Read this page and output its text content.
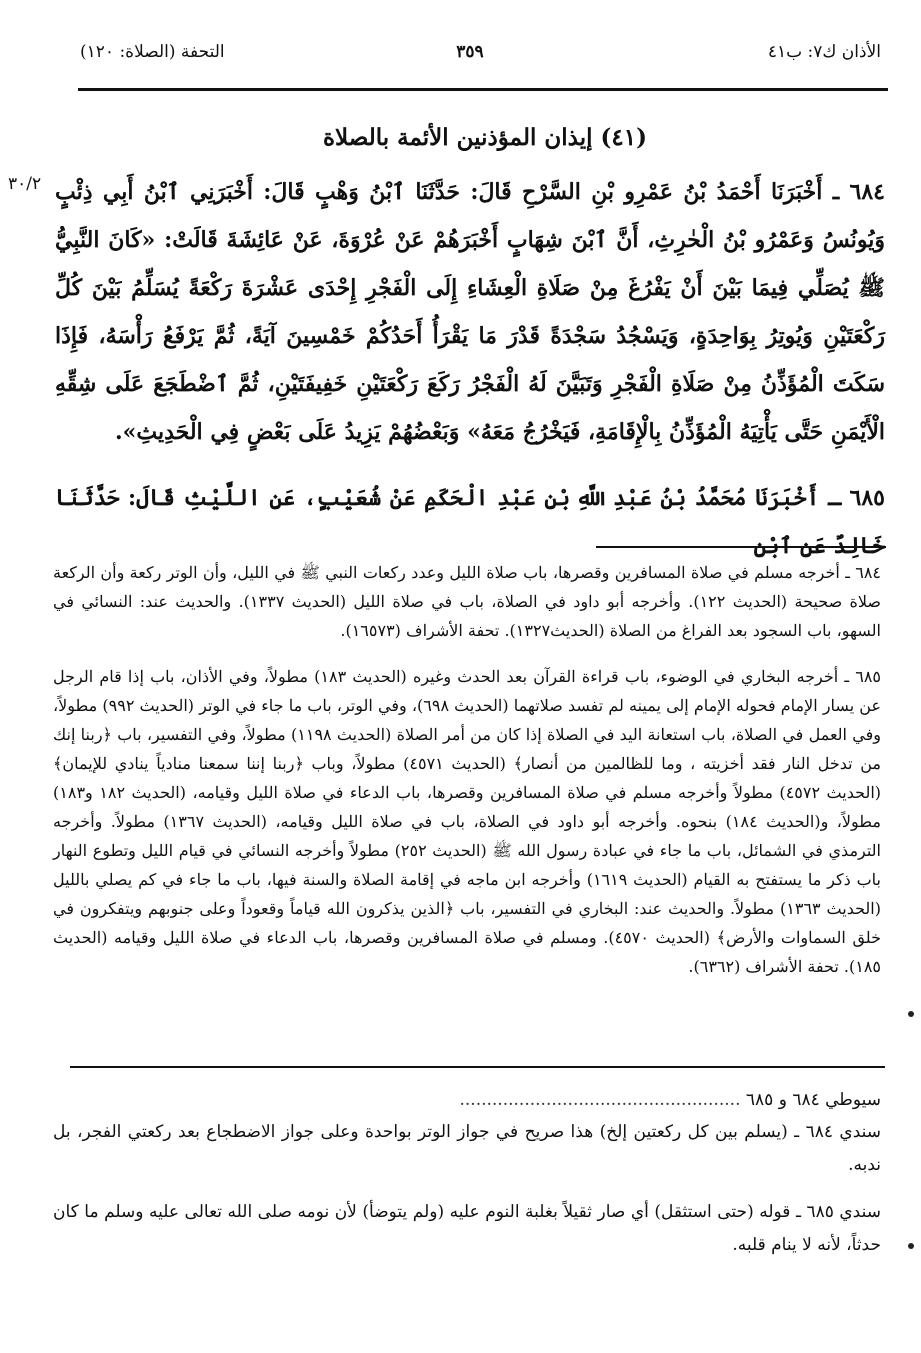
الأذان ك٧: ب٤١
٣٥٩
التحفة (الصلاة: ١٢٠)
(٤١) إيذان المؤذنين الأئمة بالصلاة
٣٠/٢	٦٨٤ ـ أَخْبَرَنَا أَحْمَدُ بْنُ عَمْرِو بْنِ السَّرْحِ قَالَ: حَدَّثَنَا ٱبْنُ وَهْبٍ قَالَ: أَخْبَرَنِي ٱبْنُ أَبِي ذِئْبٍ وَيُونُسُ وَعَمْرُو بْنُ الْحٰرِثِ، أَنَّ ٱبْنَ شِهَابٍ أَخْبَرَهُمْ عَنْ عُرْوَةَ، عَنْ عَائِشَةَ قَالَتْ: «كَانَ النَّبِيُّ ﷺ يُصَلِّي فِيمَا بَيْنَ أَنْ يَفْرُغَ مِنْ صَلَاةِ الْعِشَاءِ إِلَى الْفَجْرِ إِحْدَى عَشْرَةَ رَكْعَةً يُسَلِّمُ بَيْنَ كُلِّ رَكْعَتَيْنِ وَيُوتِرُ بِوَاحِدَةٍ، وَيَسْجُدُ سَجْدَةً قَدْرَ مَا يَقْرَأُ أَحَدُكُمْ خَمْسِينَ آيَةً، ثُمَّ يَرْفَعُ رَأْسَهُ، فَإِذَا سَكَتَ الْمُؤَذِّنُ مِنْ صَلَاةِ الْفَجْرِ وَتَبَيَّنَ لَهُ الْفَجْرُ رَكَعَ رَكْعَتَيْنِ خَفِيفَتَيْنِ، ثُمَّ ٱضْطَجَعَ عَلَى شِقِّهِ الْأَيْمَنِ حَتَّى يَأْتِيَهُ الْمُؤَذِّنُ بِالْإِقَامَةِ، فَيَخْرُجُ مَعَهُ» وَبَعْضُهُمْ يَزِيدُ عَلَى بَعْضٍ فِي الْحَدِيثِ».
٦٨٥ ـ أَخْبَرَنَا مُحَمَّدُ بْنُ عَبْدِ اللَّهِ بْنِ عَبْدِ الْحَكَمِ عَنْ شُعَيْبٍ، عَنِ اللَّيْثِ قَالَ: حَدَّثَنَا خَالِدٌ عَنِ ٱبْنِ
٦٨٤ ـ أخرجه مسلم في صلاة المسافرين وقصرها، باب صلاة الليل وعدد ركعات النبي ﷺ في الليل، وأن الوتر ركعة وأن الركعة صلاة صحيحة (الحديث ١٢٢). وأخرجه أبو داود في الصلاة، باب في صلاة الليل (الحديث ١٣٣٧). والحديث عند: النسائي في السهو، باب السجود بعد الفراغ من الصلاة (الحديث١٣٢٧). تحفة الأشراف (١٦٥٧٣).
٦٨٥ ـ أخرجه البخاري في الوضوء، باب قراءة القرآن بعد الحدث وغيره (الحديث ١٨٣) مطولاً، وفي الأذان، باب إذا قام الرجل عن يسار الإمام فحوله الإمام إلى يمينه لم تفسد صلاتهما (الحديث ٦٩٨)، وفي الوتر، باب ما جاء في الوتر (الحديث ٩٩٢) مطولاً، وفي العمل في الصلاة، باب استعانة اليد في الصلاة إذا كان من أمر الصلاة (الحديث ١١٩٨) مطولاً، وفي التفسير، باب ﴿ربنا إنك من تدخل النار فقد أخزيته ، وما للظالمين من أنصار﴾ (الحديث ٤٥٧١) مطولاً، وباب ﴿ربنا إننا سمعنا منادياً ينادي للإيمان﴾ (الحديث ٤٥٧٢) مطولاً وأخرجه مسلم في صلاة المسافرين وقصرها، باب الدعاء في صلاة الليل وقيامه، (الحديث ١٨٢ و١٨٣) مطولاً، و(الحديث ١٨٤) بنحوه. وأخرجه أبو داود في الصلاة، باب في صلاة الليل وقيامه، (الحديث ١٣٦٧) مطولاً. وأخرجه الترمذي في الشمائل، باب ما جاء في عبادة رسول الله ﷺ (الحديث ٢٥٢) مطولاً وأخرجه النسائي في قيام الليل وتطوع النهار باب ذكر ما يستفتح به القيام (الحديث ١٦١٩) وأخرجه ابن ماجه في إقامة الصلاة والسنة فيها، باب ما جاء في كم يصلي بالليل (الحديث ١٣٦٣) مطولاً. والحديث عند: البخاري في التفسير، باب ﴿الذين يذكرون الله قياماً وقعوداً وعلى جنوبهم ويتفكرون في خلق السماوات والأرض﴾ (الحديث ٤٥٧٠). ومسلم في صلاة المسافرين وقصرها، باب الدعاء في صلاة الليل وقيامه (الحديث ١٨٥). تحفة الأشراف (٦٣٦٢).
سيوطي ٦٨٤ و ٦٨٥ ....................................................
سندي ٦٨٤ ـ (يسلم بين كل ركعتين إلخ) هذا صريح في جواز الوتر بواحدة وعلى جواز الاضطجاع بعد ركعتي الفجر، بل ندبه.
سندي ٦٨٥ ـ قوله (حتى استثقل) أي صار ثقيلاً بغلبة النوم عليه (ولم يتوضأ) لأن نومه صلى الله تعالى عليه وسلم ما كان حدثاً، لأنه لا ينام قلبه.
